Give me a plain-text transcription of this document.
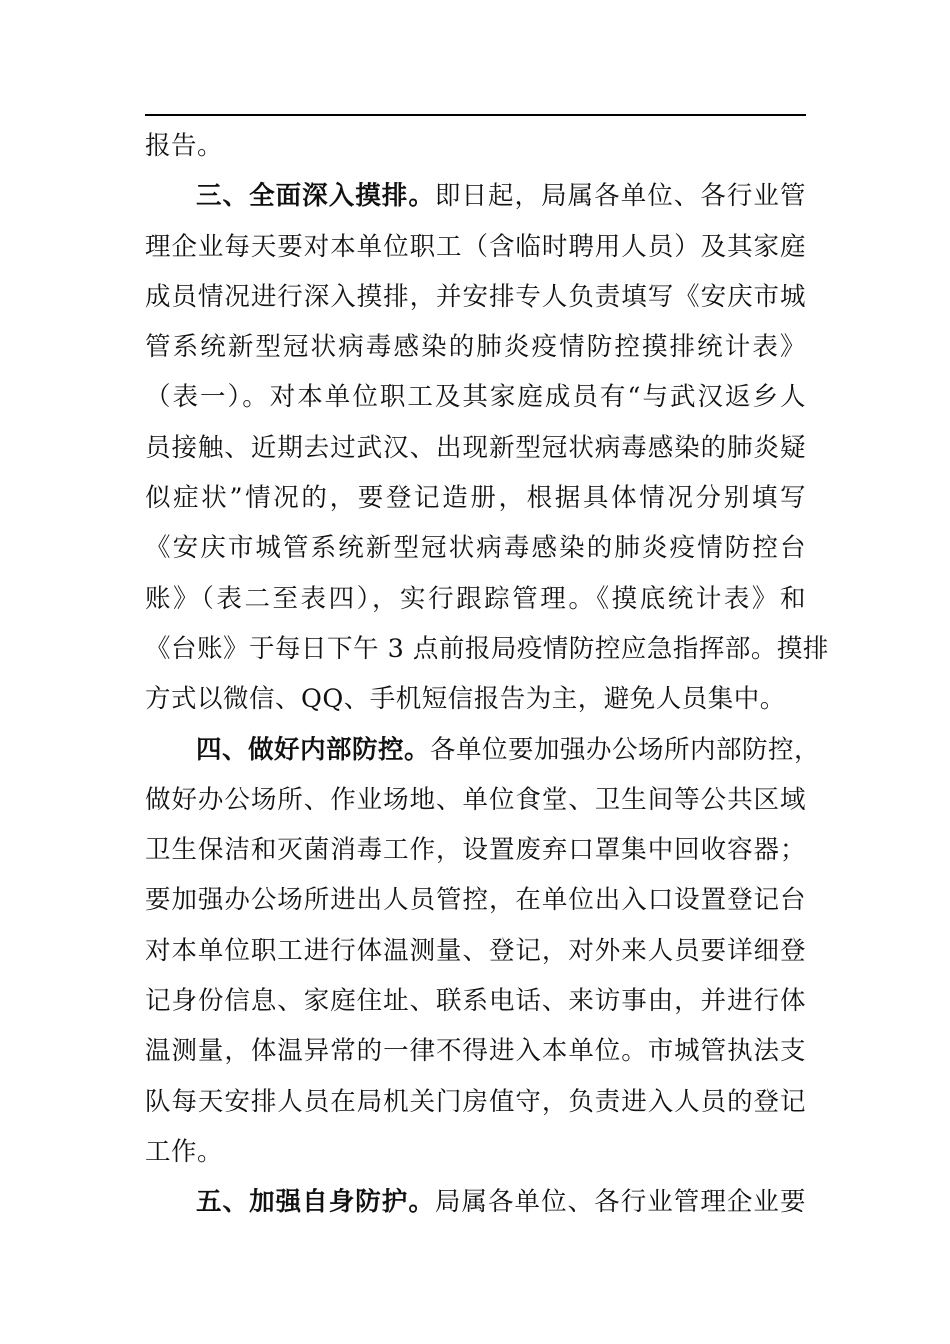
报告。
三、全面深入摸排。即日起，局属各单位、各行业管
理企业每天要对本单位职工（含临时聘用人员）及其家庭
成员情况进行深入摸排，并安排专人负责填写《安庆市城
管系统新型冠状病毒感染的肺炎疫情防控摸排统计表》
（表一）。对本单位职工及其家庭成员有“与武汉返乡人
员接触、近期去过武汉、出现新型冠状病毒感染的肺炎疑
似症状”情况的，要登记造册，根据具体情况分别填写
《安庆市城管系统新型冠状病毒感染的肺炎疫情防控台
账》（表二至表四），实行跟踪管理。《摸底统计表》和
《台账》于每日下午 3 点前报局疫情防控应急指挥部。摸排
方式以微信、QQ、手机短信报告为主，避免人员集中。
四、做好内部防控。各单位要加强办公场所内部防控，
做好办公场所、作业场地、单位食堂、卫生间等公共区域
卫生保洁和灭菌消毒工作，设置废弃口罩集中回收容器；
要加强办公场所进出人员管控，在单位出入口设置登记台
对本单位职工进行体温测量、登记，对外来人员要详细登
记身份信息、家庭住址、联系电话、来访事由，并进行体
温测量，体温异常的一律不得进入本单位。市城管执法支
队每天安排人员在局机关门房值守，负责进入人员的登记
工作。
五、加强自身防护。局属各单位、各行业管理企业要
